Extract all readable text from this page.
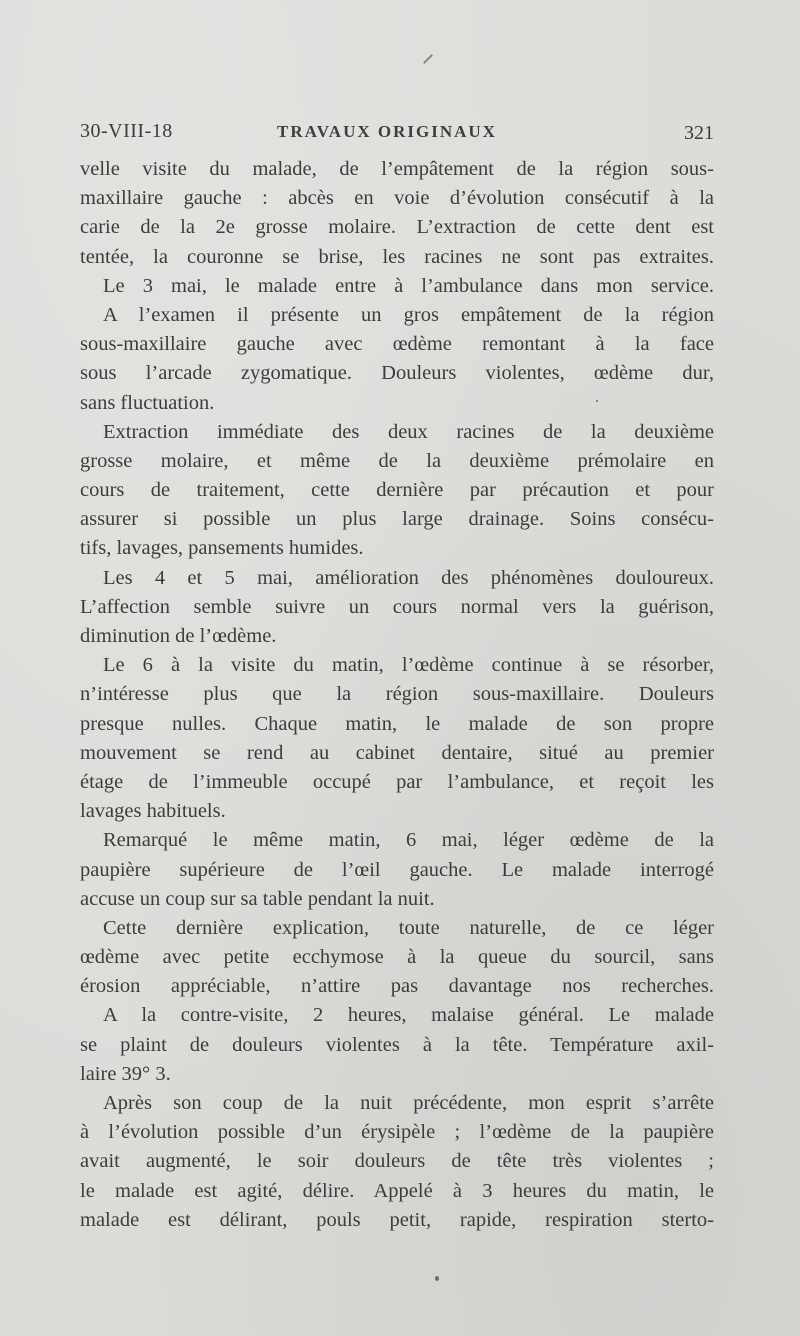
30-VIII-18	TRAVAUX ORIGINAUX	321
velle visite du malade, de l’empâtement de la région sous-
maxillaire gauche : abcès en voie d’évolution consécutif à la
carie de la 2e grosse molaire. L’extraction de cette dent est
tentée, la couronne se brise, les racines ne sont pas extraites.
Le 3 mai, le malade entre à l’ambulance dans mon service.
A l’examen il présente un gros empâtement de la région
sous-maxillaire gauche avec œdème remontant à la face
sous l’arcade zygomatique. Douleurs violentes, œdème dur,
sans fluctuation.
Extraction immédiate des deux racines de la deuxième
grosse molaire, et même de la deuxième prémolaire en
cours de traitement, cette dernière par précaution et pour
assurer si possible un plus large drainage. Soins consécu-
tifs, lavages, pansements humides.
Les 4 et 5 mai, amélioration des phénomènes douloureux.
L’affection semble suivre un cours normal vers la guérison,
diminution de l’œdème.
Le 6 à la visite du matin, l’œdème continue à se résorber,
n’intéresse plus que la région sous-maxillaire. Douleurs
presque nulles. Chaque matin, le malade de son propre
mouvement se rend au cabinet dentaire, situé au premier
étage de l’immeuble occupé par l’ambulance, et reçoit les
lavages habituels.
Remarqué le même matin, 6 mai, léger œdème de la
paupière supérieure de l’œil gauche. Le malade interrogé
accuse un coup sur sa table pendant la nuit.
Cette dernière explication, toute naturelle, de ce léger
œdème avec petite ecchymose à la queue du sourcil, sans
érosion appréciable, n’attire pas davantage nos recherches.
A la contre-visite, 2 heures, malaise général. Le malade
se plaint de douleurs violentes à la tête. Température axil-
laire 39° 3.
Après son coup de la nuit précédente, mon esprit s’arrête
à l’évolution possible d’un érysipèle ; l’œdème de la paupière
avait augmenté, le soir douleurs de tête très violentes ;
le malade est agité, délire. Appelé à 3 heures du matin, le
malade est délirant, pouls petit, rapide, respiration sterto-
